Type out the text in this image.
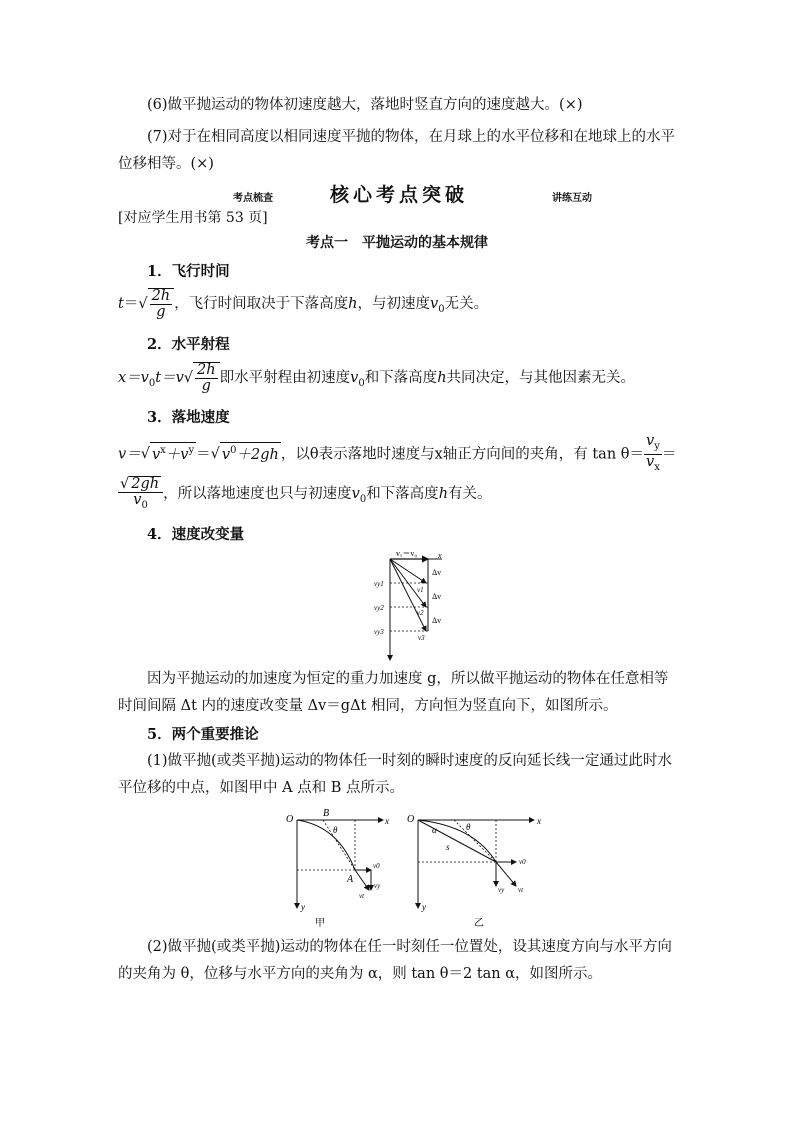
(6)做平抛运动的物体初速度越大，落地时竖直方向的速度越大。(×)

(7)对于在相同高度以相同速度平抛的物体，在月球上的水平位移和在地球上的水平位移相等。(×)

考点梳查	核心考点突破	讲练互动

[对应学生用书第 53 页]

考点一　平抛运动的基本规律

1．飞行时间

$t=√ \frac{2h}{g}$ ，飞行时间取决于下落高度h，与初速度$v_0$无关。

2．水平射程

$x=v_0t=v√ \frac{2h}{g}$ 即水平射程由初速度$v_0$和下落高度h共同决定，与其他因素无关。

3．落地速度

v＝√ $v^x+v^y$ ＝√ $v^0+2gh$ ，以θ表示落地时速度与x轴正方向间的夹角，有 $\tan \theta= \frac{v_y}{v_x}$ ＝

$\frac{√ 2gh}{v_0}$ ，所以落地速度也只与初速度$v_0$和下落高度h有关。

4．速度改变量

vₓ＝v₀	x
Δv
Δv
Δv
vy1
vy2
vy3
v1
v2
v3

因为平抛运动的加速度为恒定的重力加速度 g，所以做平抛运动的物体在任意相等时间间隔 Δt 内的速度改变量 Δv＝gΔt 相同，方向恒为竖直向下，如图所示。

5．两个重要推论

(1)做平抛(或类平抛)运动的物体任一时刻的瞬时速度的反向延长线一定通过此时水平位移的中点，如图甲中 A 点和 B 点所示。

O	x
y
B
θ
v0
vy
vt
A
甲
O	x
y
α	θ
s
v0
vy vt
乙

(2)做平抛(或类平抛)运动的物体在任一时刻任一位置处，设其速度方向与水平方向的夹角为 θ，位移与水平方向的夹角为 α，则 tan θ＝2 tan α，如图所示。
